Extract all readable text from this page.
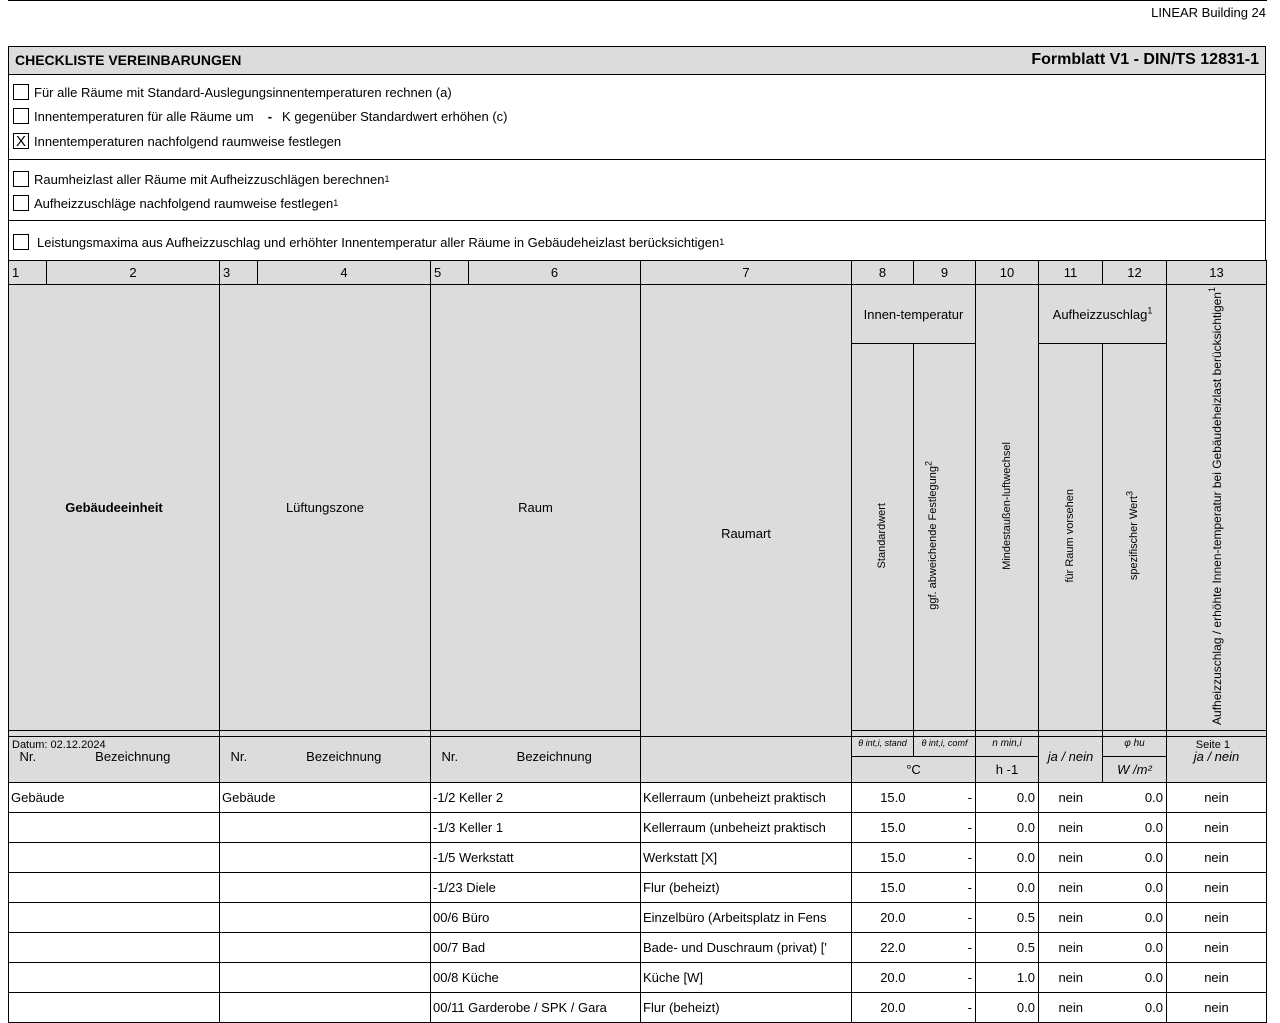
LINEAR Building 24
CHECKLISTE VEREINBARUNGEN	Formblatt V1 - DIN/TS 12831-1
Für alle Räume mit Standard-Auslegungsinnentemperaturen rechnen (a)
Innentemperaturen für alle Räume um - K gegenüber Standardwert erhöhen (c)
X Innentemperaturen nachfolgend raumweise festlegen
Raumheizlast aller Räume mit Aufheizzuschlägen berechnen 1
Aufheizzuschläge nachfolgend raumweise festlegen 1
Leistungsmaxima aus Aufheizzuschlag und erhöhter Innentemperatur aller Räume in Gebäudeheizlast berücksichtigen 1
1	2	3	4	5	6	7	8	9	10	11	12	13
Gebäudeeinheit		Lüftungszone		Raum		Raumart	Innen-temperatur		Mindestaußen-luftwechsel	Aufheizzuschlag$^1$		Aufheizzuschlag / erhöhte Innen-temperatur bei Gebäudeheizlast berücksichtigen$^1$
							Standardwert	ggf. abweichende Festlegung$^2$		für Raum vorsehen	spezifischer Wert$^3$
Nr.	Bezeichnung	Nr.	Bezeichnung	Nr.	Bezeichnung		θ int,i, stand	θ int,i, comf	n min,i	ja / nein	φ hu	ja / nein
							°C		h -1		W /m²	
Gebäude		Gebäude		-1/2 Keller 2		Kellerraum (unbeheizt praktisch	15.0	-	0.0	nein	0.0	nein
				-1/3 Keller 1		Kellerraum (unbeheizt praktisch	15.0	-	0.0	nein	0.0	nein
				-1/5 Werkstatt		Werkstatt [X]	15.0	-	0.0	nein	0.0	nein
				-1/23 Diele		Flur (beheizt)	15.0	-	0.0	nein	0.0	nein
				00/6 Büro		Einzelbüro (Arbeitsplatz in Fens	20.0	-	0.5	nein	0.0	nein
				00/7 Bad		Bade- und Duschraum (privat) ['	22.0	-	0.5	nein	0.0	nein
				00/8 Küche		Küche [W]	20.0	-	1.0	nein	0.0	nein
				00/11 Garderobe / SPK / Gara		Flur (beheizt)	20.0	-	0.0	nein	0.0	nein
Datum: 02.12.2024	Seite 1
